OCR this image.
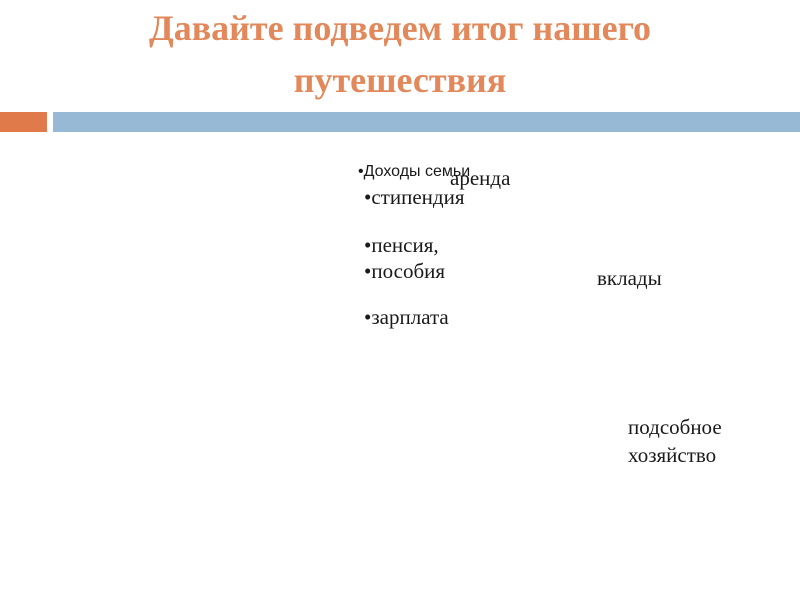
Давайте подведем итог нашего
путешествия
• Доходы семьи
аренда
• стипендия
• пенсия,
• пособия	вклады
• зарплата
подсобное
хозяйство
